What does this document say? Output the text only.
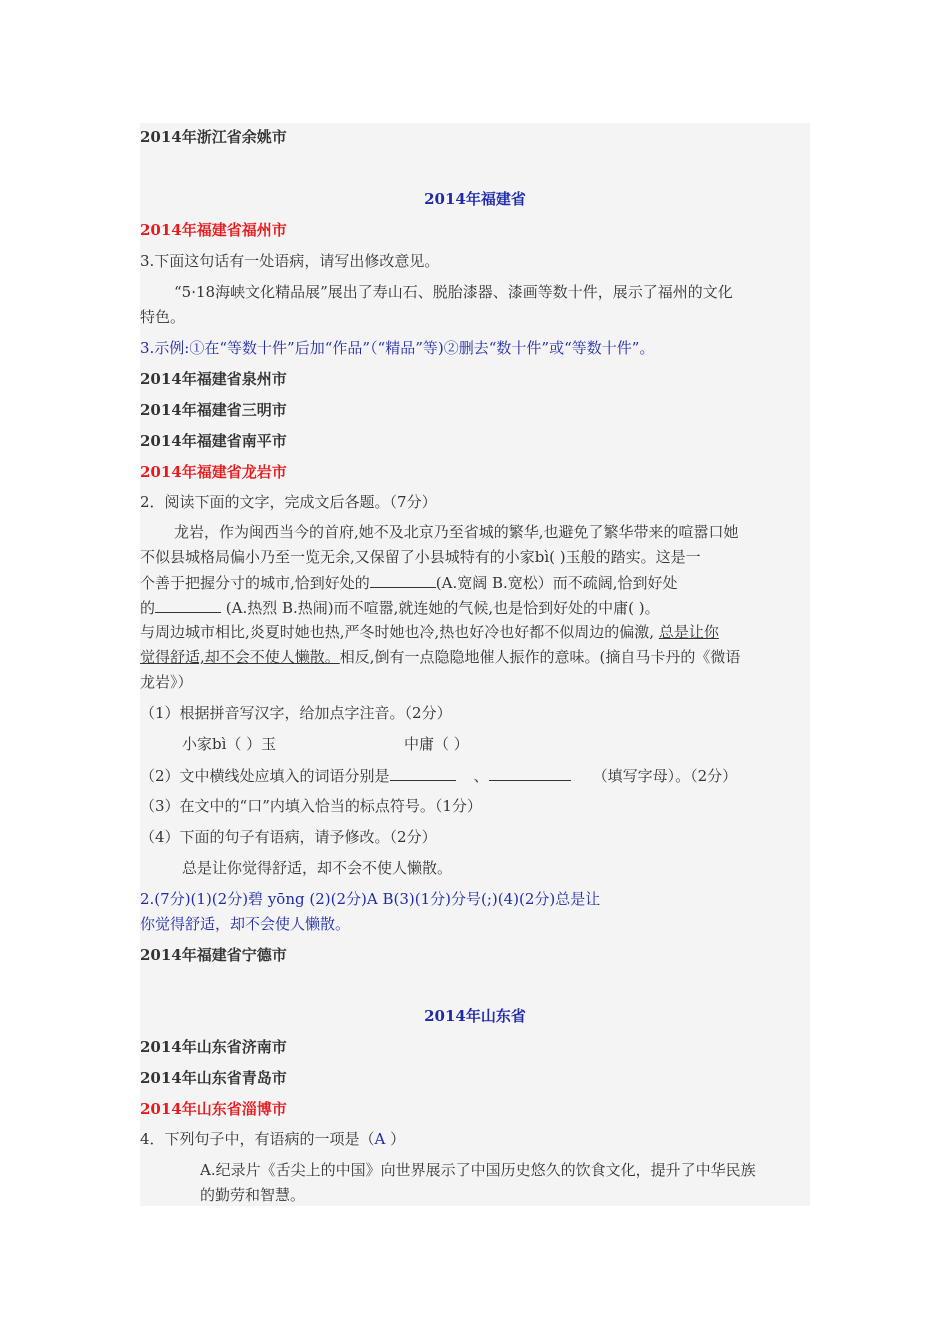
2014年浙江省余姚市
2014年福建省
2014年福建省福州市
3.下面这句话有一处语病，请写出修改意见。
“5·18海峡文化精品展”展出了寿山石、脱胎漆器、漆画等数十件，展示了福州的文化
特色。
3.示例:①在“等数十件”后加“作品”（“精品”等)②删去“数十件”或“等数十件”。
2014年福建省泉州市
2014年福建省三明市
2014年福建省南平市
2014年福建省龙岩市
2．阅读下面的文字，完成文后各题。（7分）
龙岩，作为闽西当今的首府,她不及北京乃至省城的繁华,也避免了繁华带来的喧嚣口她
不似县城格局偏小乃至一览无余,又保留了小县城特有的小家bì( )玉般的踏实。这是一
个善于把握分寸的城市,恰到好处的	(A.宽阔 B.宽松）而不疏阔,恰到好处
的	(A.热烈 B.热闹)而不喧嚣,就连她的气候,也是恰到好处的中庸( )。
与周边城市相比,炎夏时她也热,严冬时她也冷,热也好冷也好都不似周边的偏激, 总是让你
觉得舒适,却不会不使人懒散。相反,倒有一点隐隐地催人振作的意味。(摘自马卡丹的《微语
龙岩》）
（1）根据拼音写汉字，给加点字注音。（2分）
小家bì（ ）玉	中庸（ ）
（2）文中横线处应填入的词语分别是	、	（填写字母）。（2分）
（3）在文中的“口”内填入恰当的标点符号。（1分）
（4）下面的句子有语病，请予修改。（2分）
总是让你觉得舒适，却不会不使人懒散。
2.(7分)(1)(2分)碧 yōng (2)(2分)A B(3)(1分)分号(;)(4)(2分)总是让
你觉得舒适，却不会使人懒散。
2014年福建省宁德市
2014年山东省
2014年山东省济南市
2014年山东省青岛市
2014年山东省淄博市
4．下列句子中，有语病的一项是（A ）
A.纪录片《舌尖上的中国》向世界展示了中国历史悠久的饮食文化，提升了中华民族
的勤劳和智慧。
